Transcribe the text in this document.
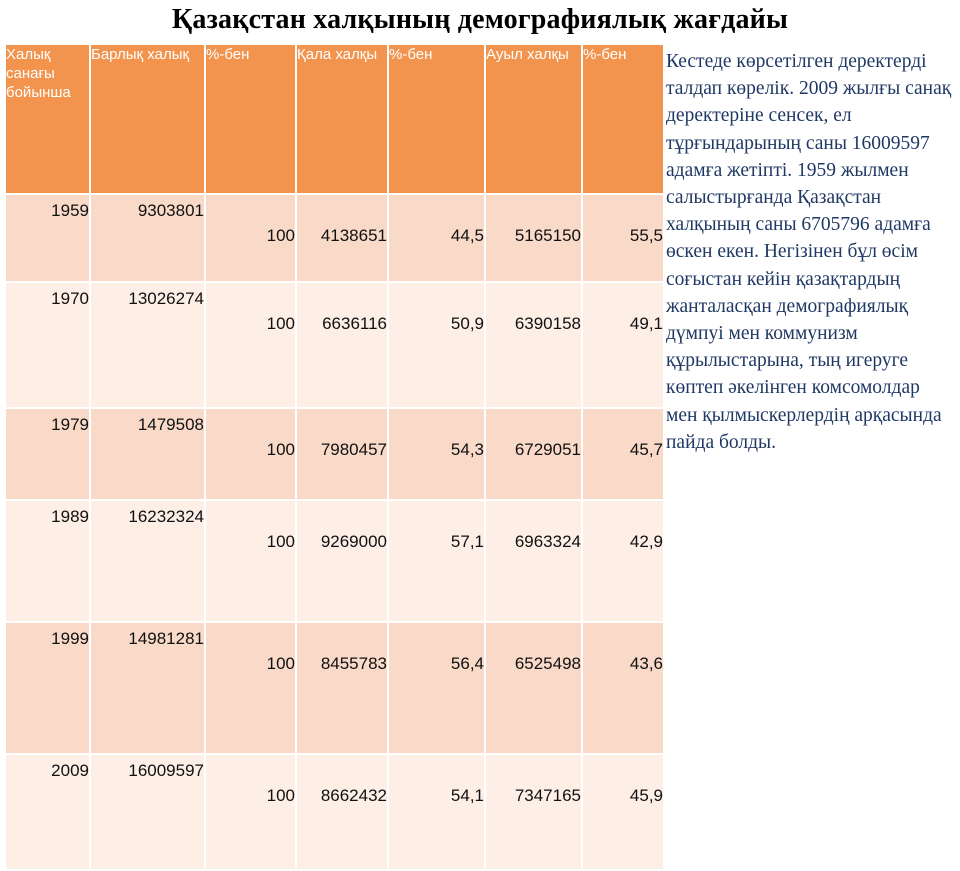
Қазақстан халқының демографиялық жағдайы
Халық санағы бойынша	Барлық халық	%-бен	Қала халқы	%-бен	Ауыл халқы	%-бен
1959	9303801	100	4138651	44,5	5165150	55,5
1970	13026274	100	6636116	50,9	6390158	49,1
1979	1479508	100	7980457	54,3	6729051	45,7
1989	16232324	100	9269000	57,1	6963324	42,9
1999	14981281	100	8455783	56,4	6525498	43,6
2009	16009597	100	8662432	54,1	7347165	45,9
Кестеде көрсетілген деректерді талдап көрелік. 2009 жылғы санақ деректеріне сенсек, ел тұрғындарының саны 16009597 адамға жетіпті. 1959 жылмен салыстырғанда Қазақстан халқының саны 6705796 адамға өскен екен. Негізінен бұл өсім соғыстан кейін қазақтардың жанталасқан демографиялық дүмпуі мен коммунизм құрылыстарына, тың игеруге көптеп әкелінген комсомолдар мен қылмыскерлердің арқасында пайда болды.
